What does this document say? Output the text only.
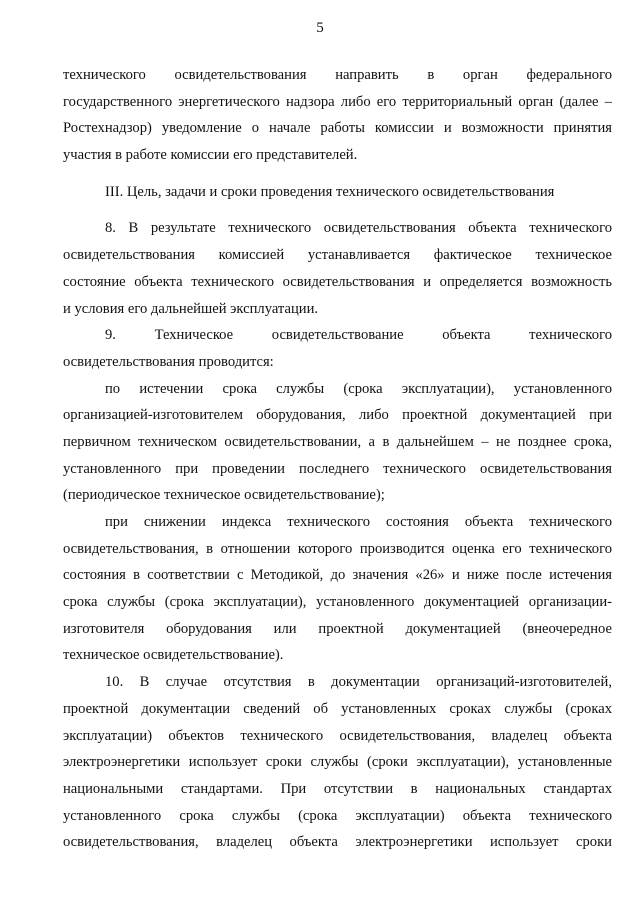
5
технического освидетельствования направить в орган федерального
государственного энергетического надзора либо его территориальный орган (далее –
Ростехнадзор) уведомление о начале работы комиссии и возможности принятия
участия в работе комиссии его представителей.
III. Цель, задачи и сроки проведения технического освидетельствования
8. В результате технического освидетельствования объекта технического
освидетельствования комиссией устанавливается фактическое техническое
состояние объекта технического освидетельствования и определяется возможность
и условия его дальнейшей эксплуатации.
9. Техническое освидетельствование объекта технического
освидетельствования проводится:
по истечении срока службы (срока эксплуатации), установленного
организацией-изготовителем оборудования, либо проектной документацией при
первичном техническом освидетельствовании, а в дальнейшем – не позднее срока,
установленного при проведении последнего технического освидетельствования
(периодическое техническое освидетельствование);
при снижении индекса технического состояния объекта технического
освидетельствования, в отношении которого производится оценка его технического
состояния в соответствии с Методикой, до значения «26» и ниже после истечения
срока службы (срока эксплуатации), установленного документацией организации-
изготовителя оборудования или проектной документацией (внеочередное
техническое освидетельствование).
10. В случае отсутствия в документации организаций-изготовителей,
проектной документации сведений об установленных сроках службы (сроках
эксплуатации) объектов технического освидетельствования, владелец объекта
электроэнергетики использует сроки службы (сроки эксплуатации), установленные
национальными стандартами. При отсутствии в национальных стандартах
установленного срока службы (срока эксплуатации) объекта технического
освидетельствования, владелец объекта электроэнергетики использует сроки
